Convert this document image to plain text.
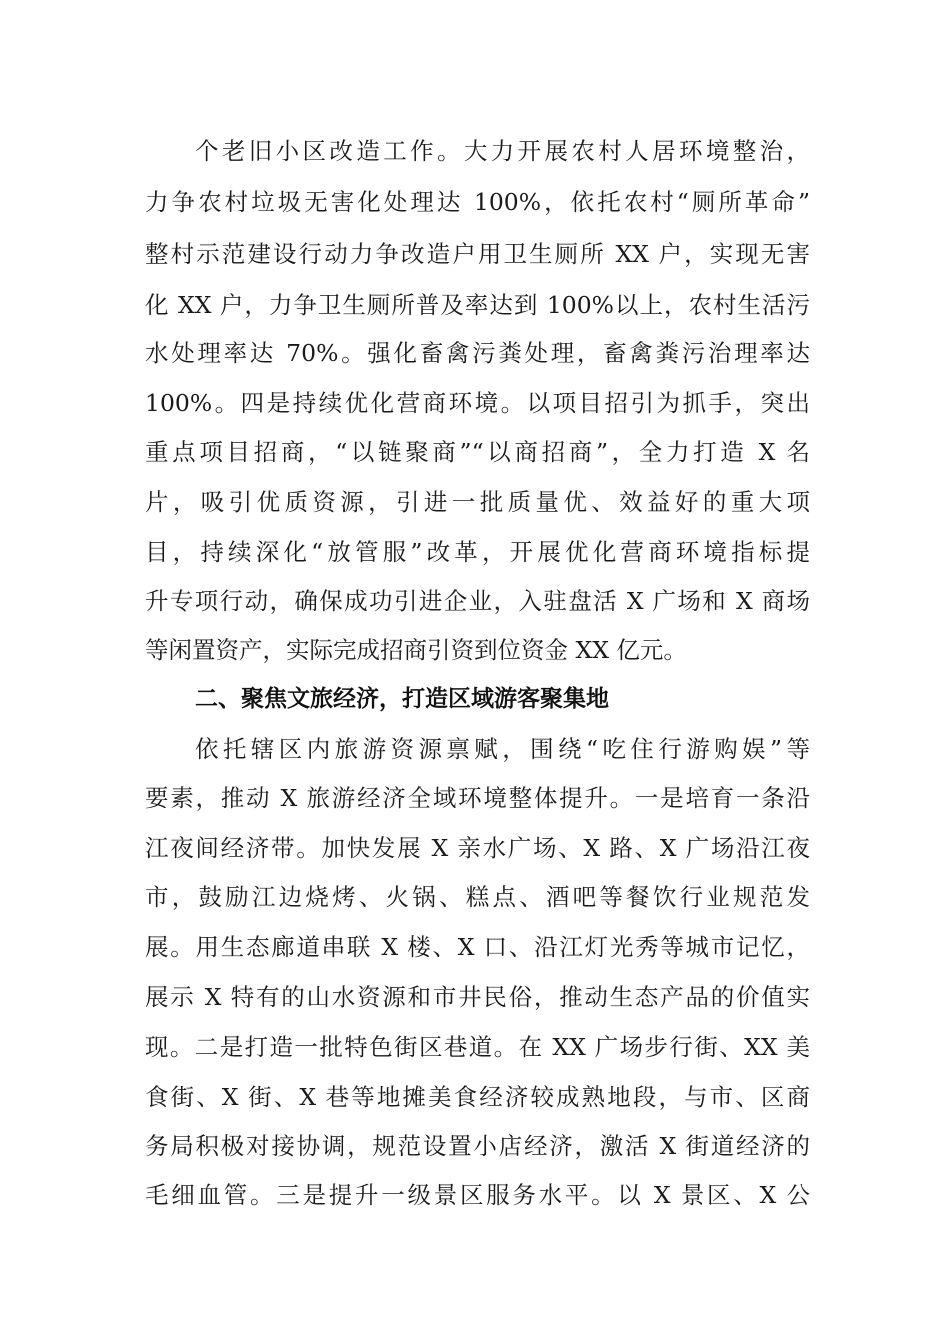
个老旧小区改造工作。大力开展农村人居环境整治，
力争农村垃圾无害化处理达 100%，依托农村“厕所革命”
整村示范建设行动力争改造户用卫生厕所 XX 户，实现无害
化 XX 户，力争卫生厕所普及率达到 100%以上，农村生活污
水处理率达 70%。强化畜禽污粪处理，畜禽粪污治理率达
100%。四是持续优化营商环境。以项目招引为抓手，突出
重点项目招商，“以链聚商”“以商招商”，全力打造 X 名
片，吸引优质资源，引进一批质量优、效益好的重大项
目，持续深化“放管服”改革，开展优化营商环境指标提
升专项行动，确保成功引进企业，入驻盘活 X 广场和 X 商场
等闲置资产，实际完成招商引资到位资金 XX 亿元。
二、聚焦文旅经济，打造区域游客聚集地
依托辖区内旅游资源禀赋，围绕“吃住行游购娱”等
要素，推动 X 旅游经济全域环境整体提升。一是培育一条沿
江夜间经济带。加快发展 X 亲水广场、X 路、X 广场沿江夜
市，鼓励江边烧烤、火锅、糕点、酒吧等餐饮行业规范发
展。用生态廊道串联 X 楼、X 口、沿江灯光秀等城市记忆，
展示 X 特有的山水资源和市井民俗，推动生态产品的价值实
现。二是打造一批特色街区巷道。在 XX 广场步行街、XX 美
食街、X 街、X 巷等地摊美食经济较成熟地段，与市、区商
务局积极对接协调，规范设置小店经济，激活 X 街道经济的
毛细血管。三是提升一级景区服务水平。以 X 景区、X 公
